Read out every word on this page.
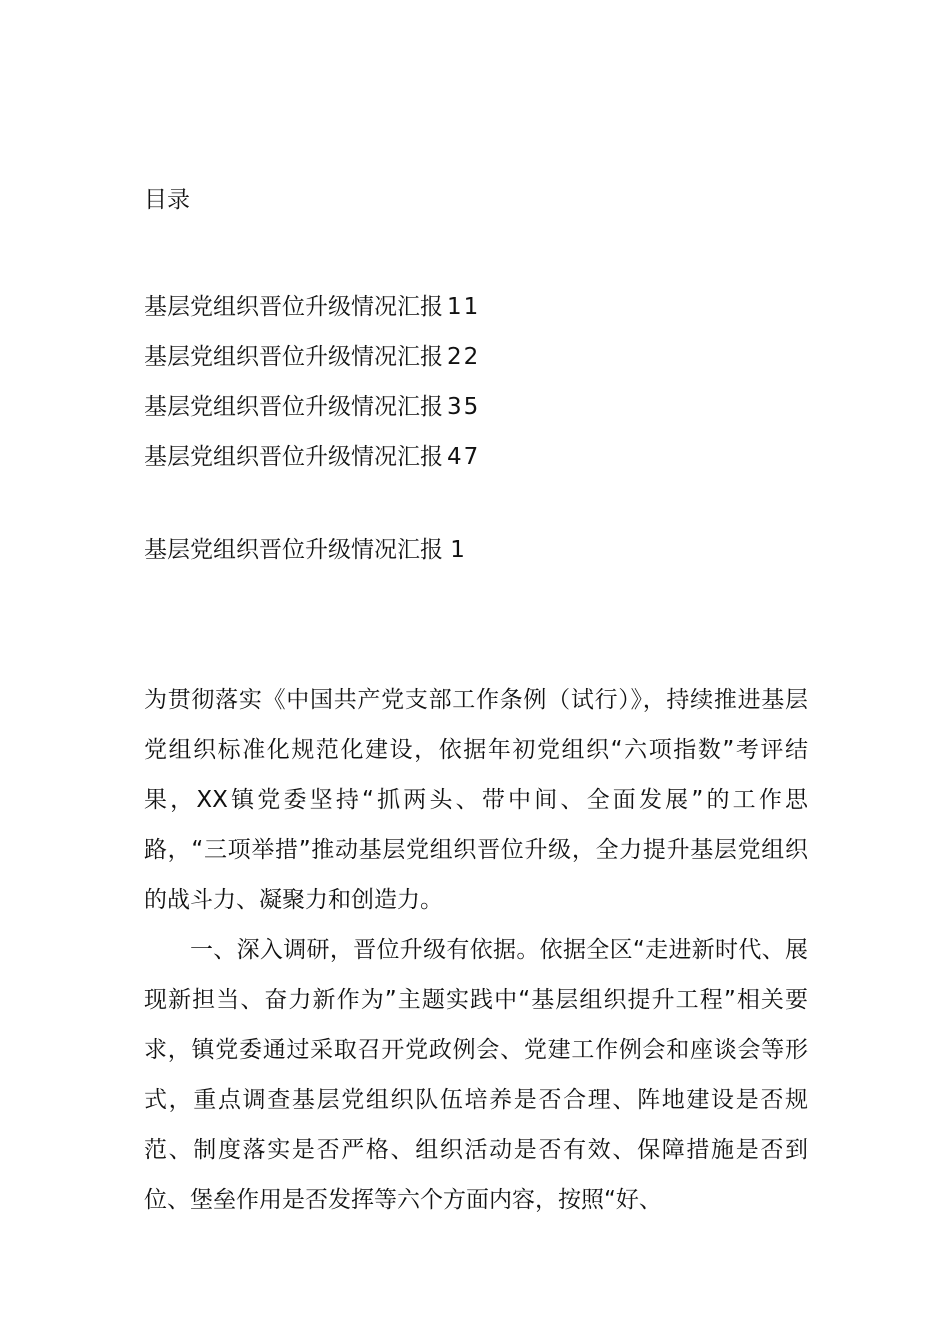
目录
基层党组织晋位升级情况汇报 11
基层党组织晋位升级情况汇报 22
基层党组织晋位升级情况汇报 35
基层党组织晋位升级情况汇报 47
基层党组织晋位升级情况汇报 1

为贯彻落实《中国共产党支部工作条例（试行）》，持续推进基层党组织标准化规范化建设，依据年初党组织“六项指数”考评结果，XX镇党委坚持“抓两头、带中间、全面发展”的工作思路，“三项举措”推动基层党组织晋位升级，全力提升基层党组织的战斗力、凝聚力和创造力。

一、深入调研，晋位升级有依据。依据全区“走进新时代、展现新担当、奋力新作为”主题实践中“基层组织提升工程”相关要求，镇党委通过采取召开党政例会、党建工作例会和座谈会等形式，重点调查基层党组织队伍培养是否合理、阵地建设是否规范、制度落实是否严格、组织活动是否有效、保障措施是否到位、堡垒作用是否发挥等六个方面内容，按照“好、
